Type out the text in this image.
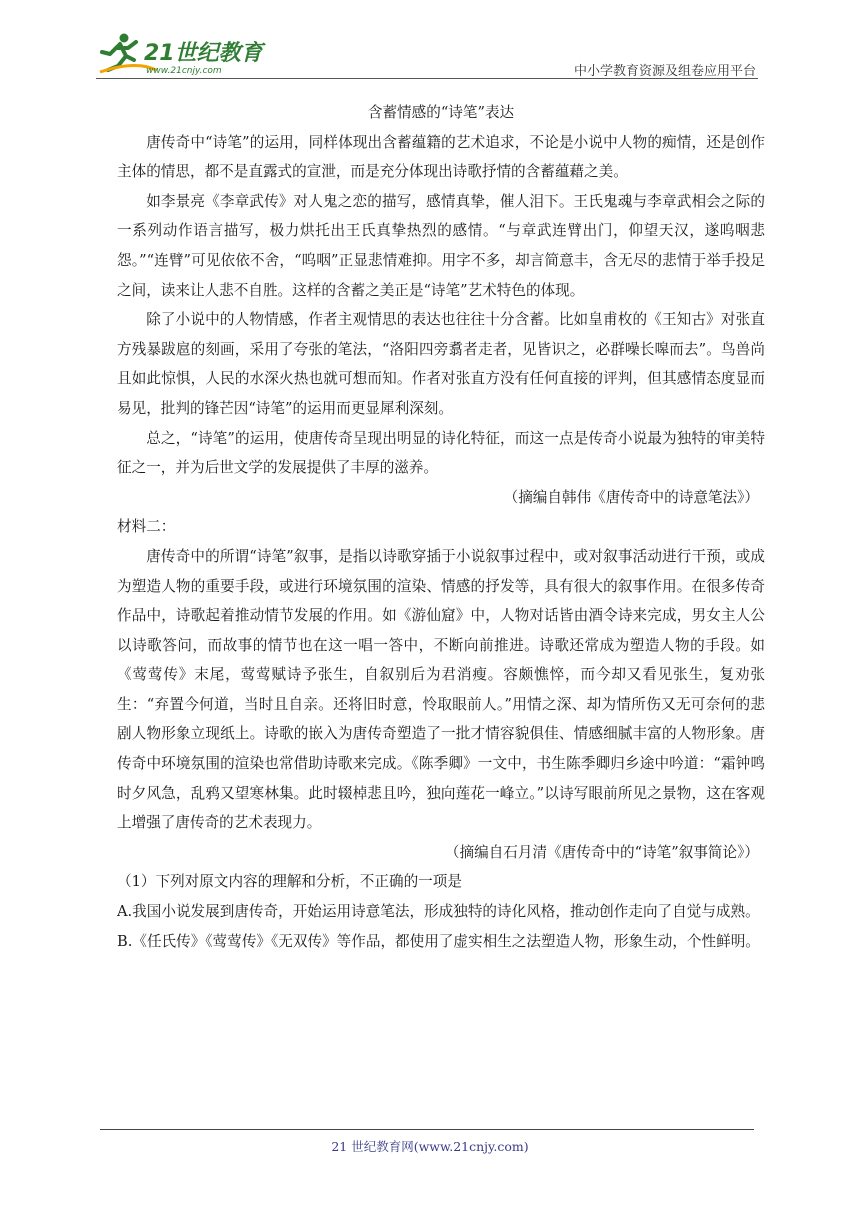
21世纪教育
www.21cnjy.com	中小学教育资源及组卷应用平台

含蓄情感的“诗笔”表达

唐传奇中“诗笔”的运用，同样体现出含蓄蕴籍的艺术追求，不论是小说中人物的痴情，还是创作主体的情思，都不是直露式的宣泄，而是充分体现出诗歌抒情的含蓄蕴藉之美。

如李景亮《李章武传》对人鬼之恋的描写，感情真挚，催人泪下。王氏鬼魂与李章武相会之际的一系列动作语言描写，极力烘托出王氏真挚热烈的感情。“与章武连臂出门，仰望天汉，遂呜咽悲怨。”“连臂”可见依依不舍，“呜咽”正显悲情难抑。用字不多，却言简意丰，含无尽的悲情于举手投足之间，读来让人悲不自胜。这样的含蓄之美正是“诗笔”艺术特色的体现。

除了小说中的人物情感，作者主观情思的表达也往往十分含蓄。比如皇甫枚的《王知古》对张直方残暴跋扈的刻画，采用了夸张的笔法，“洛阳四旁翥者走者，见皆识之，必群噪长嗥而去”。鸟兽尚且如此惊惧，人民的水深火热也就可想而知。作者对张直方没有任何直接的评判，但其感情态度显而易见，批判的锋芒因“诗笔”的运用而更显犀利深刻。

总之，“诗笔”的运用，使唐传奇呈现出明显的诗化特征，而这一点是传奇小说最为独特的审美特征之一，并为后世文学的发展提供了丰厚的滋养。

（摘编自韩伟《唐传奇中的诗意笔法》）

材料二：

唐传奇中的所谓“诗笔”叙事，是指以诗歌穿插于小说叙事过程中，或对叙事活动进行干预，或成为塑造人物的重要手段，或进行环境氛围的渲染、情感的抒发等，具有很大的叙事作用。在很多传奇作品中，诗歌起着推动情节发展的作用。如《游仙窟》中，人物对话皆由酒令诗来完成，男女主人公以诗歌答问，而故事的情节也在这一唱一答中，不断向前推进。诗歌还常成为塑造人物的手段。如《莺莺传》末尾，莺莺赋诗予张生，自叙别后为君消瘦。容颇憔悴，而今却又看见张生，复劝张生：“弃置今何道，当时且自亲。还将旧时意，怜取眼前人。”用情之深、却为情所伤又无可奈何的悲剧人物形象立现纸上。诗歌的嵌入为唐传奇塑造了一批才情容貌俱佳、情感细腻丰富的人物形象。唐传奇中环境氛围的渲染也常借助诗歌来完成。《陈季卿》一文中，书生陈季卿归乡途中吟道：“霜钟鸣时夕风急，乱鸦又望寒林集。此时辍棹悲且吟，独向莲花一峰立。”以诗写眼前所见之景物，这在客观上增强了唐传奇的艺术表现力。

（摘编自石月清《唐传奇中的“诗笔”叙事简论》）

（1）下列对原文内容的理解和分析，不正确的一项是

A.我国小说发展到唐传奇，开始运用诗意笔法，形成独特的诗化风格，推动创作走向了自觉与成熟。

B.《任氏传》《莺莺传》《无双传》等作品，都使用了虚实相生之法塑造人物，形象生动，个性鲜明。

21 世纪教育网(www.21cnjy.com)
